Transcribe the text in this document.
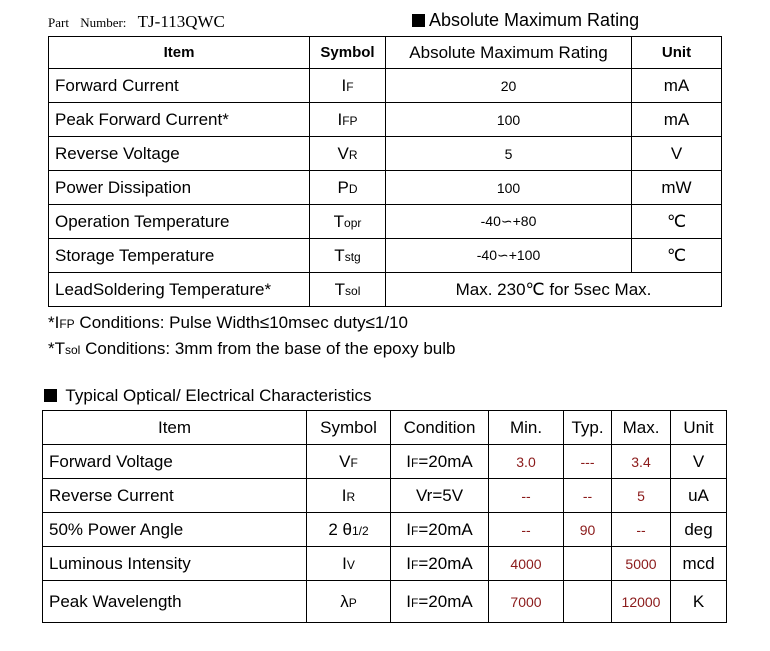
Part Number: TJ-113QWC	Absolute Maximum Rating
Item	Symbol	Absolute Maximum Rating	Unit
Forward Current	IF	20	mA
Peak Forward Current*	IFP	100	mA
Reverse Voltage	VR	5	V
Power Dissipation	PD	100	mW
Operation Temperature	Topr	-40∽+80	℃
Storage Temperature	Tstg	-40∽+100	℃
LeadSoldering Temperature*	Tsol	Max. 230℃ for 5sec Max.	
*IFP Conditions: Pulse Width≤10msec duty≤1/10
*Tsol Conditions: 3mm from the base of the epoxy bulb
Typical Optical/ Electrical Characteristics
Item	Symbol	Condition	Min.	Typ.	Max.	Unit
Forward Voltage	VF	IF=20mA	3.0	---	3.4	V
Reverse Current	IR	Vr=5V	--	--	5	uA
50% Power Angle	2 θ1/2	IF=20mA	--	90	--	deg
Luminous Intensity	IV	IF=20mA	4000		5000	mcd
Peak Wavelength	λP	IF=20mA	7000		12000	K
